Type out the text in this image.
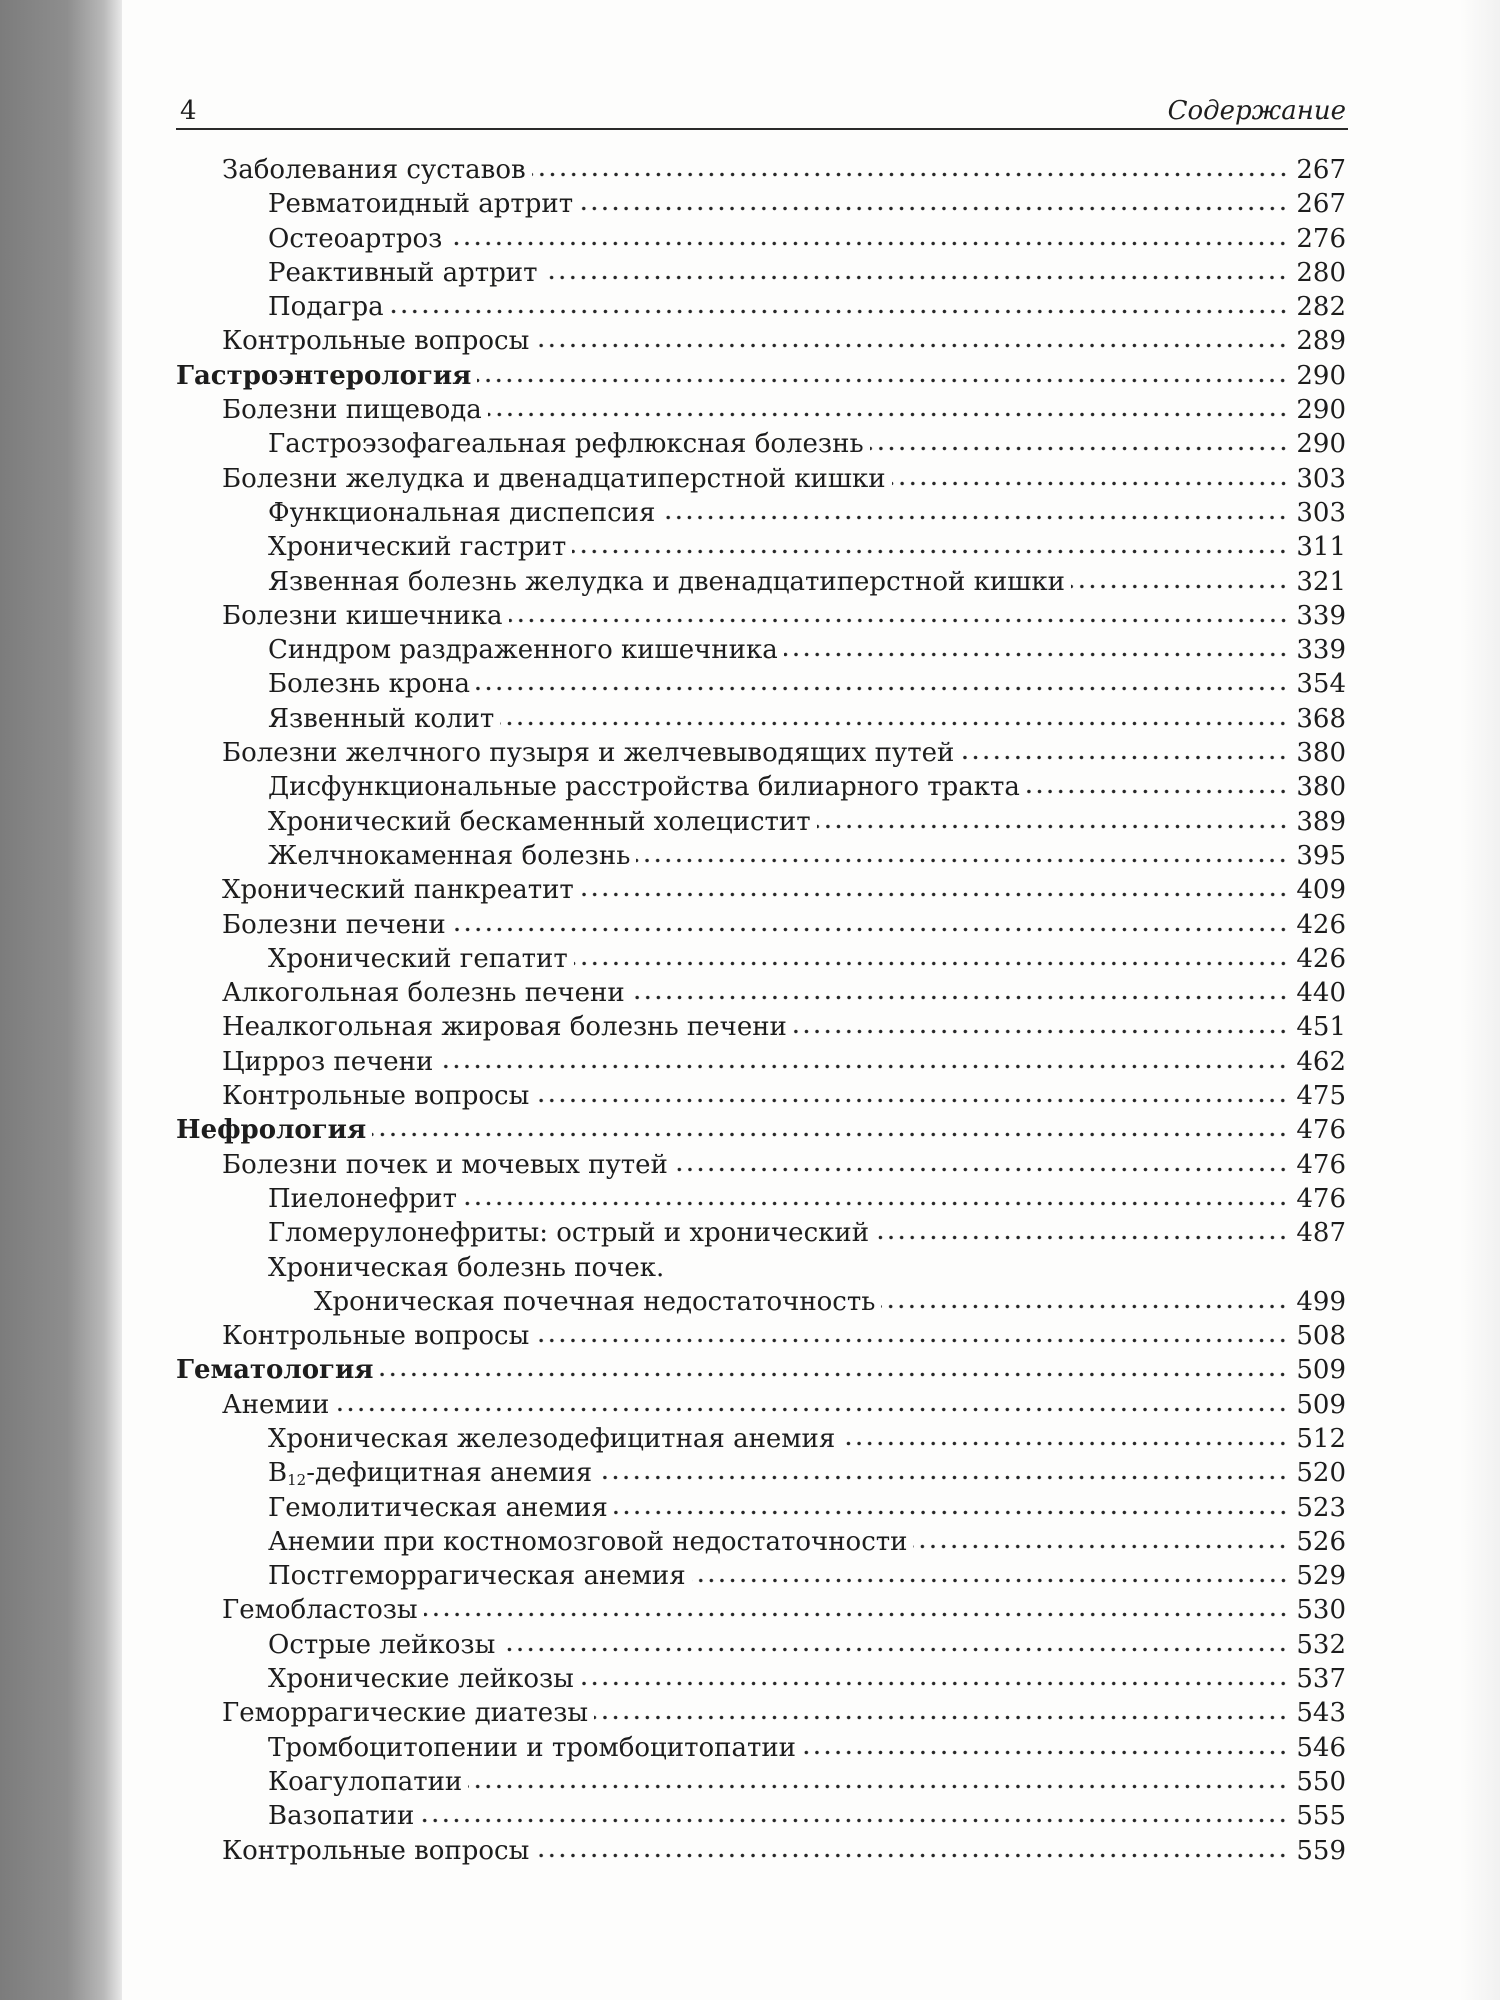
4	Содержание
Заболевания суставов	267
Ревматоидный артрит	267
Остеоартроз	276
Реактивный артрит	280
Подагра	282
Контрольные вопросы	289
Гастроэнтерология	290
Болезни пищевода	290
Гастроэзофагеальная рефлюксная болезнь	290
Болезни желудка и двенадцатиперстной кишки	303
Функциональная диспепсия	303
Хронический гастрит	311
Язвенная болезнь желудка и двенадцатиперстной кишки	321
Болезни кишечника	339
Синдром раздраженного кишечника	339
Болезнь крона	354
Язвенный колит	368
Болезни желчного пузыря и желчевыводящих путей	380
Дисфункциональные расстройства билиарного тракта	380
Хронический бескаменный холецистит	389
Желчнокаменная болезнь	395
Хронический панкреатит	409
Болезни печени	426
Хронический гепатит	426
Алкогольная болезнь печени	440
Неалкогольная жировая болезнь печени	451
Цирроз печени	462
Контрольные вопросы	475
Нефрология	476
Болезни почек и мочевых путей	476
Пиелонефрит	476
Гломерулонефриты: острый и хронический	487
Хроническая болезнь почек.
Хроническая почечная недостаточность	499
Контрольные вопросы	508
Гематология	509
Анемии	509
Хроническая железодефицитная анемия	512
$В_{12}$-дефицитная анемия	520
Гемолитическая анемия	523
Анемии при костномозговой недостаточности	526
Постгеморрагическая анемия	529
Гемобластозы	530
Острые лейкозы	532
Хронические лейкозы	537
Геморрагические диатезы	543
Тромбоцитопении и тромбоцитопатии	546
Коагулопатии	550
Вазопатии	555
Контрольные вопросы	559
